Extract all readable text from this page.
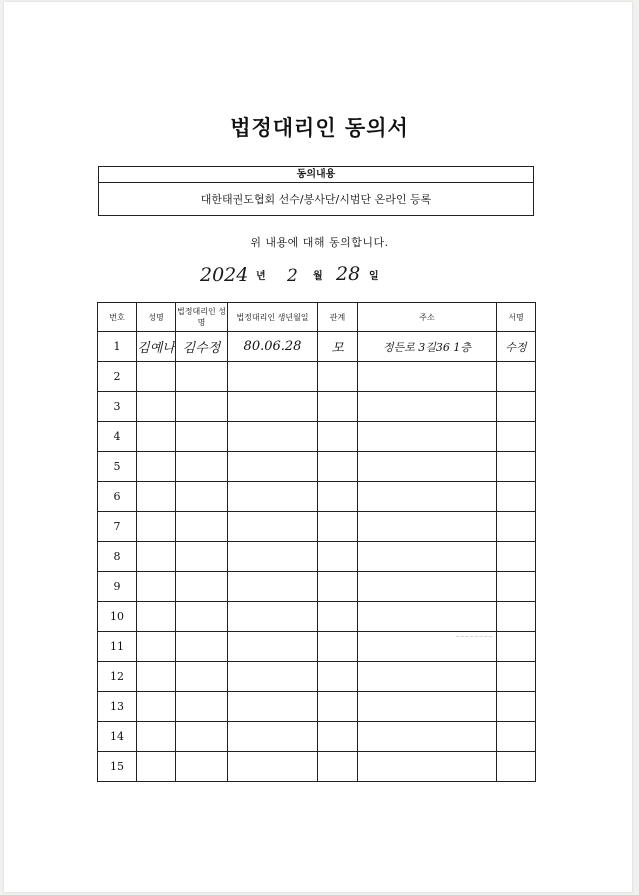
법정대리인 동의서
동의내용
대한태권도협회 선수/봉사단/시범단 온라인 등록
위 내용에 대해 동의합니다.
2024 년 2 월 28 일
번호	성명	법정대리인 성명	법정대리인 생년월일	관계	주소	서명
1	김예나	김수정	80.06.28	모	정든로 3길36 1층	수정
2						
3						
4						
5						
6						
7						
8						
9						
10						
11						
12						
13						
14						
15						
